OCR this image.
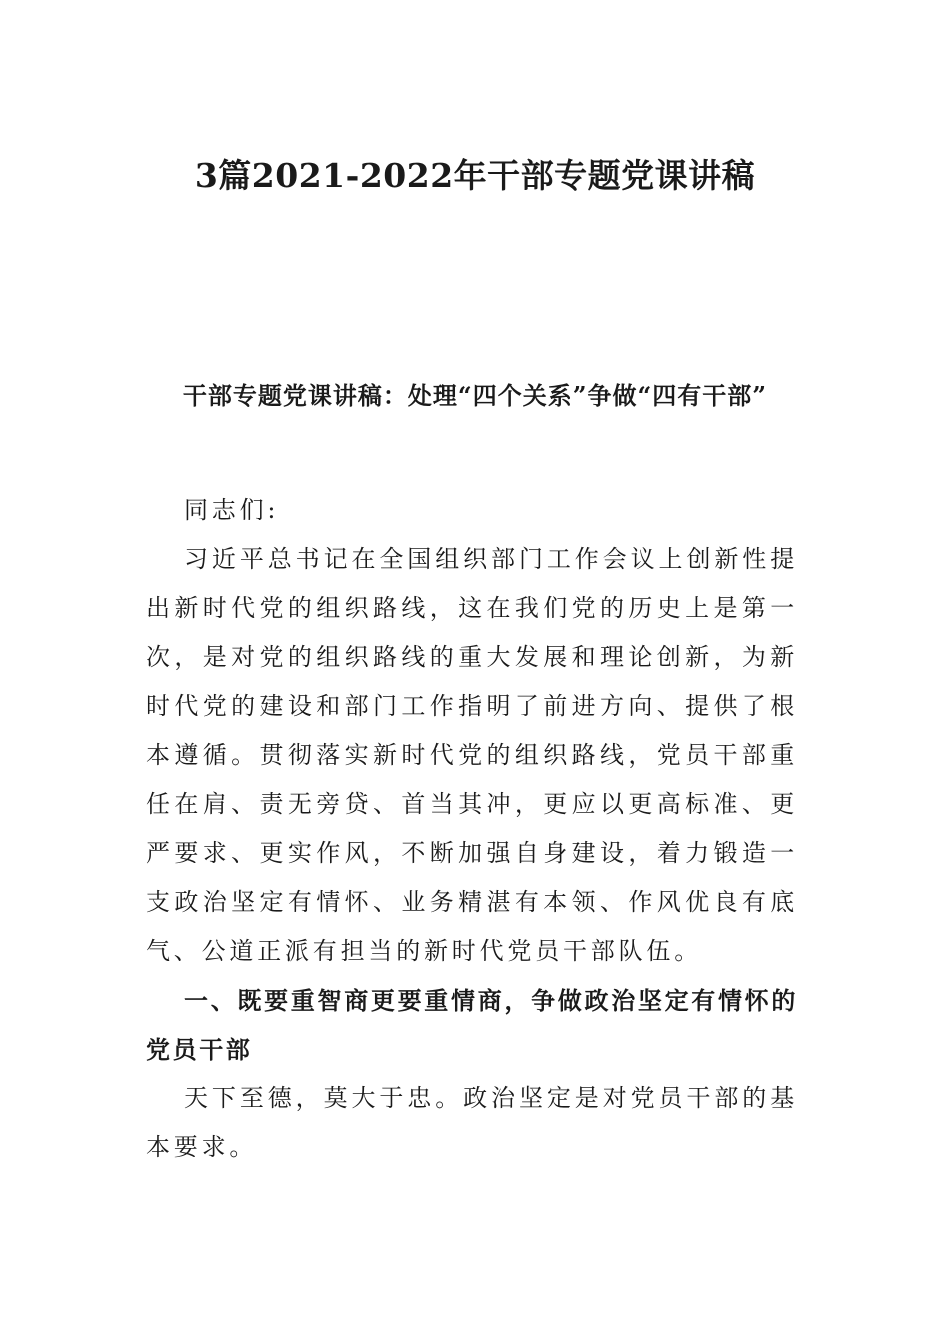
3篇2021-2022年干部专题党课讲稿
干部专题党课讲稿：处理“四个关系”争做“四有干部”

同志们:

习近平总书记在全国组织部门工作会议上创新性提出新时代党的组织路线，这在我们党的历史上是第一次，是对党的组织路线的重大发展和理论创新，为新时代党的建设和部门工作指明了前进方向、提供了根本遵循。贯彻落实新时代党的组织路线，党员干部重任在肩、责无旁贷、首当其冲，更应以更高标准、更严要求、更实作风，不断加强自身建设，着力锻造一支政治坚定有情怀、业务精湛有本领、作风优良有底气、公道正派有担当的新时代党员干部队伍。

一、既要重智商更要重情商，争做政治坚定有情怀的党员干部

天下至德，莫大于忠。政治坚定是对党员干部的基本要求。
